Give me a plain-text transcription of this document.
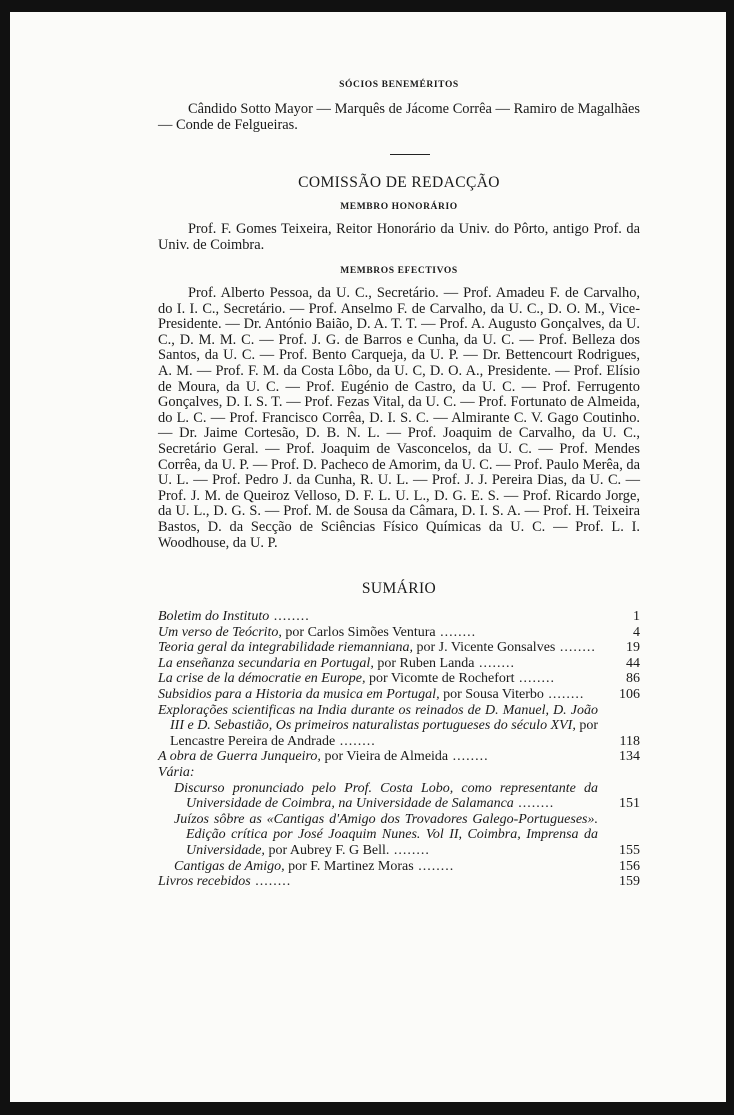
SÓCIOS BENEMÉRITOS
Cândido Sotto Mayor — Marquês de Jácome Corrêa — Ramiro de Magalhães — Conde de Felgueiras.
COMISSÃO DE REDACÇÃO
MEMBRO HONORÁRIO
Prof. F. Gomes Teixeira, Reitor Honorário da Univ. do Pôrto, antigo Prof. da Univ. de Coimbra.
MEMBROS EFECTIVOS
Prof. Alberto Pessoa, da U. C., Secretário. — Prof. Amadeu F. de Carvalho, do I. I. C., Secretário. — Prof. Anselmo F. de Carvalho, da U. C., D. O. M., Vice-Presidente. — Dr. António Baião, D. A. T. T. — Prof. A. Augusto Gonçalves, da U. C., D. M. M. C. — Prof. J. G. de Barros e Cunha, da U. C. — Prof. Belleza dos Santos, da U. C. — Prof. Bento Carqueja, da U. P. — Dr. Bettencourt Rodrigues, A. M. — Prof. F. M. da Costa Lôbo, da U. C, D. O. A., Presidente. — Prof. Elísio de Moura, da U. C. — Prof. Eugénio de Castro, da U. C. — Prof. Ferrugento Gonçalves, D. I. S. T. — Prof. Fezas Vital, da U. C. — Prof. Fortunato de Almeida, do L. C. — Prof. Francisco Corrêa, D. I. S. C. — Almirante C. V. Gago Coutinho. — Dr. Jaime Cortesão, D. B. N. L. — Prof. Joaquim de Carvalho, da U. C., Secretário Geral. — Prof. Joaquim de Vasconcelos, da U. C. — Prof. Mendes Corrêa, da U. P. — Prof. D. Pacheco de Amorim, da U. C. — Prof. Paulo Merêa, da U. L. — Prof. Pedro J. da Cunha, R. U. L. — Prof. J. J. Pereira Dias, da U. C. — Prof. J. M. de Queiroz Velloso, D. F. L. U. L., D. G. E. S. — Prof. Ricardo Jorge, da U. L., D. G. S. — Prof. M. de Sousa da Câmara, D. I. S. A. — Prof. H. Teixeira Bastos, D. da Secção de Sciências Físico Químicas da U. C. — Prof. L. I. Woodhouse, da U. P.
SUMÁRIO
Boletim do Instituto ........	1
Um verso de Teócrito, por Carlos Simões Ventura ........	4
Teoria geral da integrabilidade riemanniana, por J. Vicente Gonsalves ........	19
La enseñanza secundaria en Portugal, por Ruben Landa ........	44
La crise de la démocratie en Europe, por Vicomte de Rochefort ........	86
Subsidios para a Historia da musica em Portugal, por Sousa Viterbo ........	106
Explorações scientificas na India durante os reinados de D. Manuel, D. João III e D. Sebastião, Os primeiros naturalistas portugueses do século XVI, por Lencastre Pereira de Andrade ........	118
A obra de Guerra Junqueiro, por Vieira de Almeida ........	134
Vária:
Discurso pronunciado pelo Prof. Costa Lobo, como representante da Universidade de Coimbra, na Universidade de Salamanca ........	151
Juízos sôbre as «Cantigas d'Amigo dos Trovadores Galego-Portugueses». Edição crítica por José Joaquim Nunes. Vol II, Coimbra, Imprensa da Universidade, por Aubrey F. G Bell. ........	155
Cantigas de Amigo, por F. Martinez Moras ........	156
Livros recebidos ........	159
